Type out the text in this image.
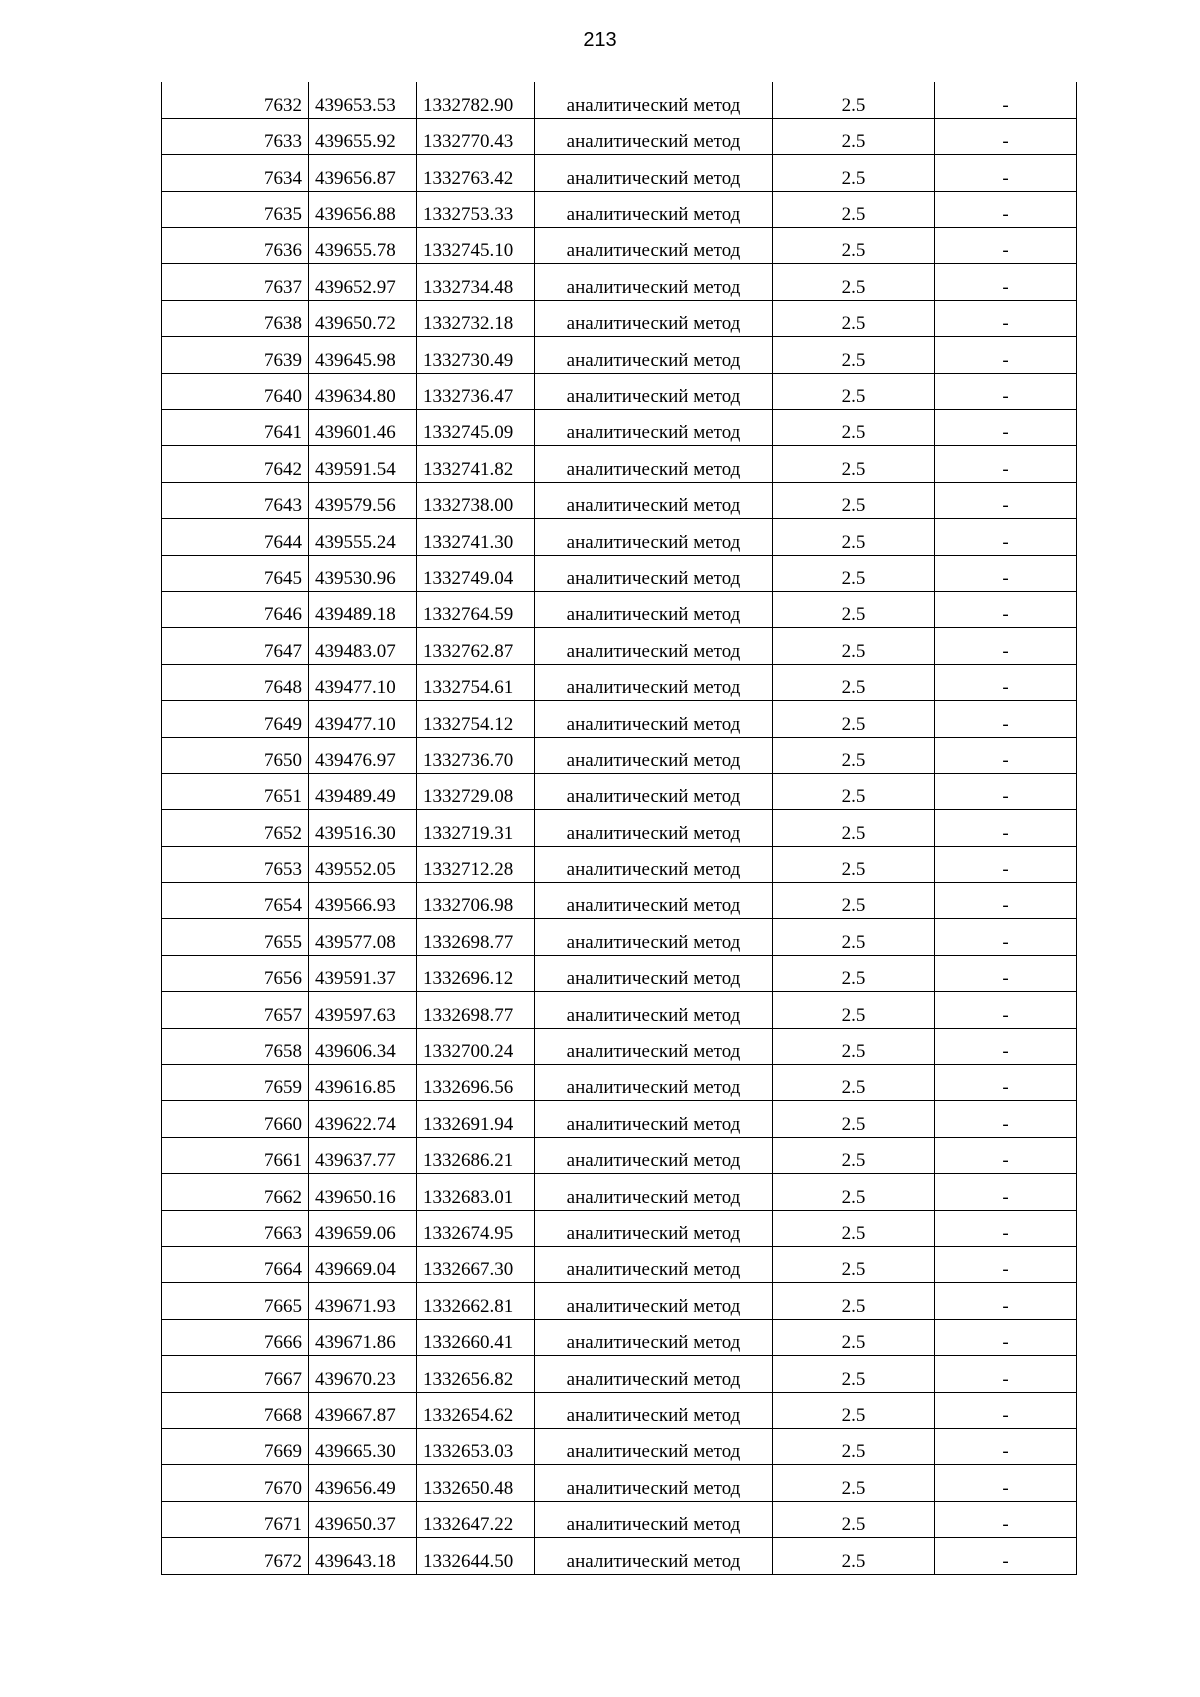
213
7632	439653.53	1332782.90	аналитический метод	2.5	-
7633	439655.92	1332770.43	аналитический метод	2.5	-
7634	439656.87	1332763.42	аналитический метод	2.5	-
7635	439656.88	1332753.33	аналитический метод	2.5	-
7636	439655.78	1332745.10	аналитический метод	2.5	-
7637	439652.97	1332734.48	аналитический метод	2.5	-
7638	439650.72	1332732.18	аналитический метод	2.5	-
7639	439645.98	1332730.49	аналитический метод	2.5	-
7640	439634.80	1332736.47	аналитический метод	2.5	-
7641	439601.46	1332745.09	аналитический метод	2.5	-
7642	439591.54	1332741.82	аналитический метод	2.5	-
7643	439579.56	1332738.00	аналитический метод	2.5	-
7644	439555.24	1332741.30	аналитический метод	2.5	-
7645	439530.96	1332749.04	аналитический метод	2.5	-
7646	439489.18	1332764.59	аналитический метод	2.5	-
7647	439483.07	1332762.87	аналитический метод	2.5	-
7648	439477.10	1332754.61	аналитический метод	2.5	-
7649	439477.10	1332754.12	аналитический метод	2.5	-
7650	439476.97	1332736.70	аналитический метод	2.5	-
7651	439489.49	1332729.08	аналитический метод	2.5	-
7652	439516.30	1332719.31	аналитический метод	2.5	-
7653	439552.05	1332712.28	аналитический метод	2.5	-
7654	439566.93	1332706.98	аналитический метод	2.5	-
7655	439577.08	1332698.77	аналитический метод	2.5	-
7656	439591.37	1332696.12	аналитический метод	2.5	-
7657	439597.63	1332698.77	аналитический метод	2.5	-
7658	439606.34	1332700.24	аналитический метод	2.5	-
7659	439616.85	1332696.56	аналитический метод	2.5	-
7660	439622.74	1332691.94	аналитический метод	2.5	-
7661	439637.77	1332686.21	аналитический метод	2.5	-
7662	439650.16	1332683.01	аналитический метод	2.5	-
7663	439659.06	1332674.95	аналитический метод	2.5	-
7664	439669.04	1332667.30	аналитический метод	2.5	-
7665	439671.93	1332662.81	аналитический метод	2.5	-
7666	439671.86	1332660.41	аналитический метод	2.5	-
7667	439670.23	1332656.82	аналитический метод	2.5	-
7668	439667.87	1332654.62	аналитический метод	2.5	-
7669	439665.30	1332653.03	аналитический метод	2.5	-
7670	439656.49	1332650.48	аналитический метод	2.5	-
7671	439650.37	1332647.22	аналитический метод	2.5	-
7672	439643.18	1332644.50	аналитический метод	2.5	-
